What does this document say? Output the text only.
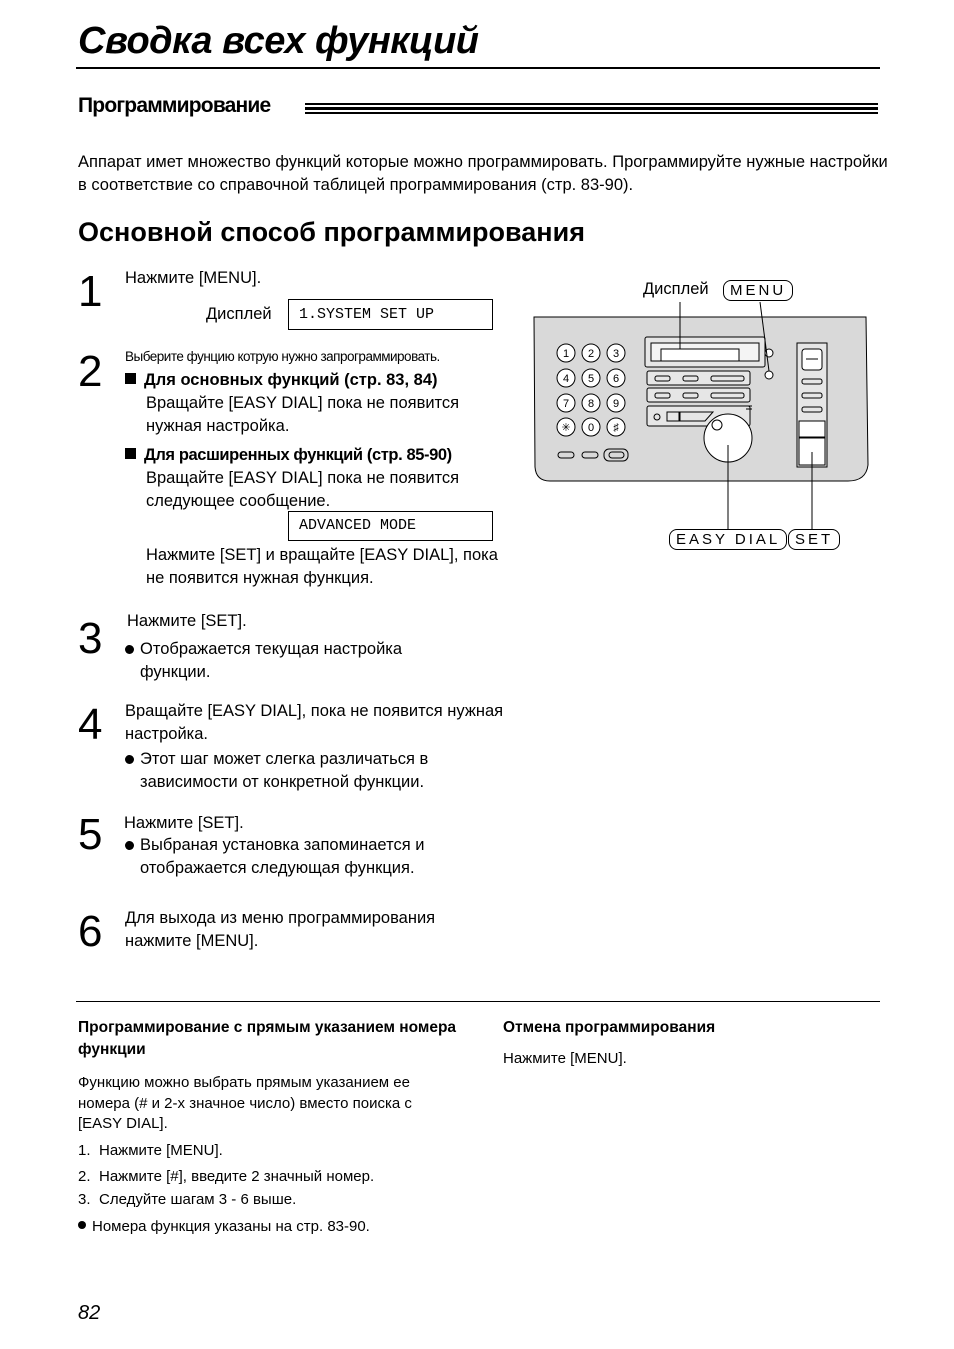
Сводка всех функций
Программирование
Аппарат имет множество функций которые можно программировать. Программируйте нужные настройки в соответствие со справочной таблицей программирования (стр. 83-90).
Основной способ программирования
1 Нажмите [MENU].
Дисплей	1.SYSTEM SET UP
2 Выберите фунцию котрую нужно запрограммировать.
Для основных функций (стр. 83, 84)
Вращайте [EASY DIAL] пока не появится нужная настройка.
Для расширенных функций (стр. 85-90)
Вращайте [EASY DIAL] пока не появится следующее сообщение.
ADVANCED MODE
Нажмите [SET] и вращайте [EASY DIAL], пока не появится нужная функция.
3 Нажмите [SET].
Отображается текущая настройка функции.
4 Вращайте [EASY DIAL], пока не появится нужная настройка.
Этот шаг может слегка различаться в зависимости от конкретной функции.
5 Нажмите [SET].
Выбраная установка запоминается и отображается следующая функция.
6 Для выхода из меню программирования нажмите [MENU].
Дисплей	MENU
EASY DIAL SET
1 2 3
4 5 6
7 8 9
✳ 0 ♯
Программирование с прямым указанием номера функции
Функцию можно выбрать прямым указанием ее номера (# и 2-х значное число) вместо поиска с [EASY DIAL].
1. Нажмите [MENU].
2. Нажмите [#], введите 2 значный номер.
3. Следуйте шагам 3 - 6 выше.
Номера функция указаны на стр. 83-90.
Отмена программирования
Нажмите [MENU].
82
